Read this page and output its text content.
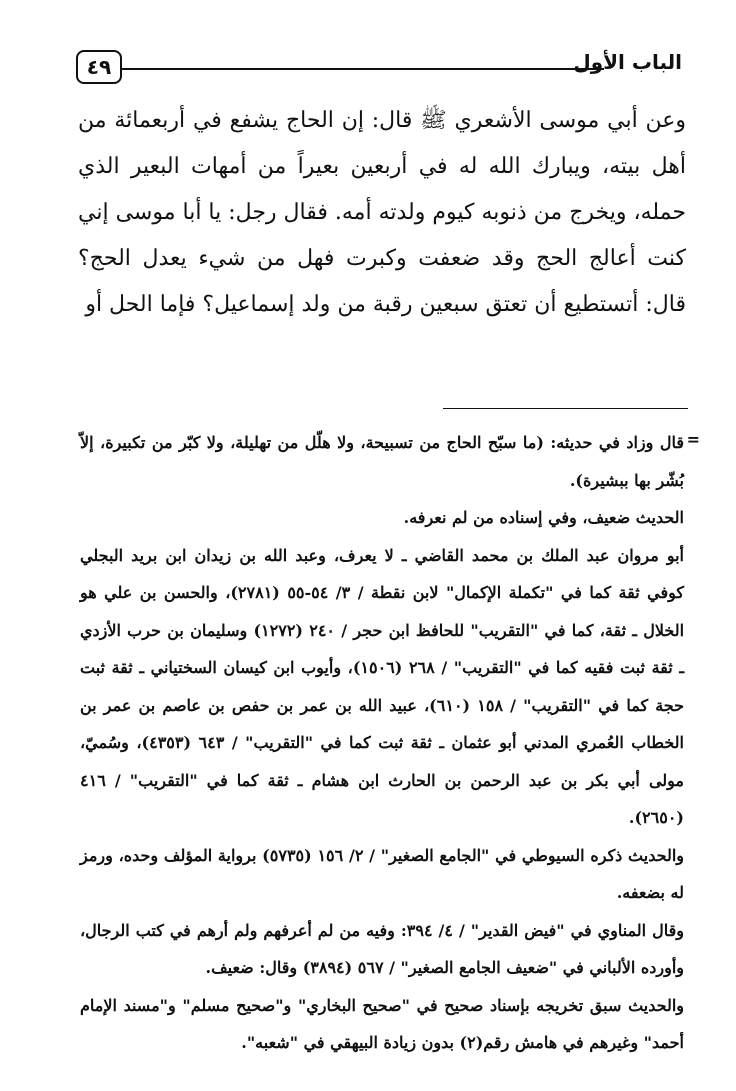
٤٩	الباب الأول

وعن أبي موسى الأشعري ﷺ قال: إن الحاج يشفع في أربعمائة من أهل بيته، ويبارك الله له في أربعين بعيراً من أمهات البعير الذي حمله، ويخرج من ذنوبه كيوم ولدته أمه. فقال رجل: يا أبا موسى إني كنت أعالج الحج وقد ضعفت وكبرت فهل من شيء يعدل الحج؟ قال: أتستطيع أن تعتق سبعين رقبة من ولد إسماعيل؟ فإما الحل أو

=

قال وزاد في حديثه: (ما سبّح الحاج من تسبيحة، ولا هلّل من تهليلة، ولا كبّر من تكبيرة، إلاّ بُشّر بها ببشيرة).

الحديث ضعيف، وفي إسناده من لم نعرفه.

أبو مروان عبد الملك بن محمد القاضي ـ لا يعرف، وعبد الله بن زيدان ابن بريد البجلي كوفي ثقة كما في "تكملة الإكمال" لابن نقطة / ٣/ ٥٤-٥٥ (٢٧٨١)، والحسن بن علي هو الخلال ـ ثقة، كما في "التقريب" للحافظ ابن حجر / ٢٤٠ (١٢٧٢) وسليمان بن حرب الأزدي ـ ثقة ثبت فقيه كما في "التقريب" / ٢٦٨ (١٥٠٦)، وأيوب ابن كيسان السختياني ـ ثقة ثبت حجة كما في "التقريب" / ١٥٨ (٦١٠)، عبيد الله بن عمر بن حفص بن عاصم بن عمر بن الخطاب العُمري المدني أبو عثمان ـ ثقة ثبت كما في "التقريب" / ٦٤٣ (٤٣٥٣)، وسُميّ، مولى أبي بكر بن عبد الرحمن بن الحارث ابن هشام ـ ثقة كما في "التقريب" / ٤١٦ (٢٦٥٠).

والحديث ذكره السيوطي في "الجامع الصغير" / ٢/ ١٥٦ (٥٧٣٥) برواية المؤلف وحده، ورمز له بضعفه.

وقال المناوي في "فيض القدير" / ٤/ ٣٩٤: وفيه من لم أعرفهم ولم أرهم في كتب الرجال، وأورده الألباني في "ضعيف الجامع الصغير" / ٥٦٧ (٣٨٩٤) وقال: ضعيف.

والحديث سبق تخريجه بإسناد صحيح في "صحيح البخاري" و"صحيح مسلم" و"مسند الإمام أحمد" وغيرهم في هامش رقم(٢) بدون زيادة البيهقي في "شعبه".
